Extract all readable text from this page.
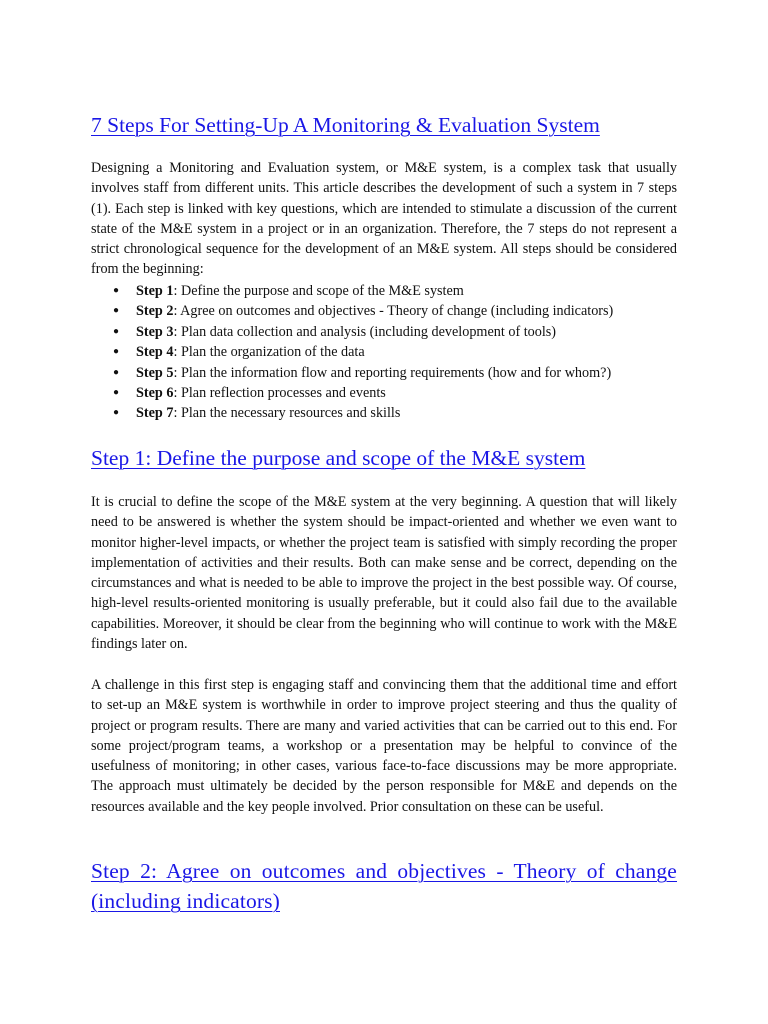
7 Steps For Setting-Up A Monitoring & Evaluation System

Designing a Monitoring and Evaluation system, or M&E system, is a complex task that usually involves staff from different units. This article describes the development of such a system in 7 steps (1). Each step is linked with key questions, which are intended to stimulate a discussion of the current state of the M&E system in a project or in an organization. Therefore, the 7 steps do not represent a strict chronological sequence for the development of an M&E system. All steps should be considered from the beginning:

● Step 1: Define the purpose and scope of the M&E system
● Step 2: Agree on outcomes and objectives - Theory of change (including indicators)
● Step 3: Plan data collection and analysis (including development of tools)
● Step 4: Plan the organization of the data
● Step 5: Plan the information flow and reporting requirements (how and for whom?)
● Step 6: Plan reflection processes and events
● Step 7: Plan the necessary resources and skills
Step 1: Define the purpose and scope of the M&E system

It is crucial to define the scope of the M&E system at the very beginning. A question that will likely need to be answered is whether the system should be impact-oriented and whether we even want to monitor higher-level impacts, or whether the project team is satisfied with simply recording the proper implementation of activities and their results. Both can make sense and be correct, depending on the circumstances and what is needed to be able to improve the project in the best possible way. Of course, high-level results-oriented monitoring is usually preferable, but it could also fail due to the available capabilities. Moreover, it should be clear from the beginning who will continue to work with the M&E findings later on.

A challenge in this first step is engaging staff and convincing them that the additional time and effort to set-up an M&E system is worthwhile in order to improve project steering and thus the quality of project or program results. There are many and varied activities that can be carried out to this end. For some project/program teams, a workshop or a presentation may be helpful to convince of the usefulness of monitoring; in other cases, various face-to-face discussions may be more appropriate. The approach must ultimately be decided by the person responsible for M&E and depends on the resources available and the key people involved. Prior consultation on these can be useful.

Step 2: Agree on outcomes and objectives - Theory of change (including indicators)
